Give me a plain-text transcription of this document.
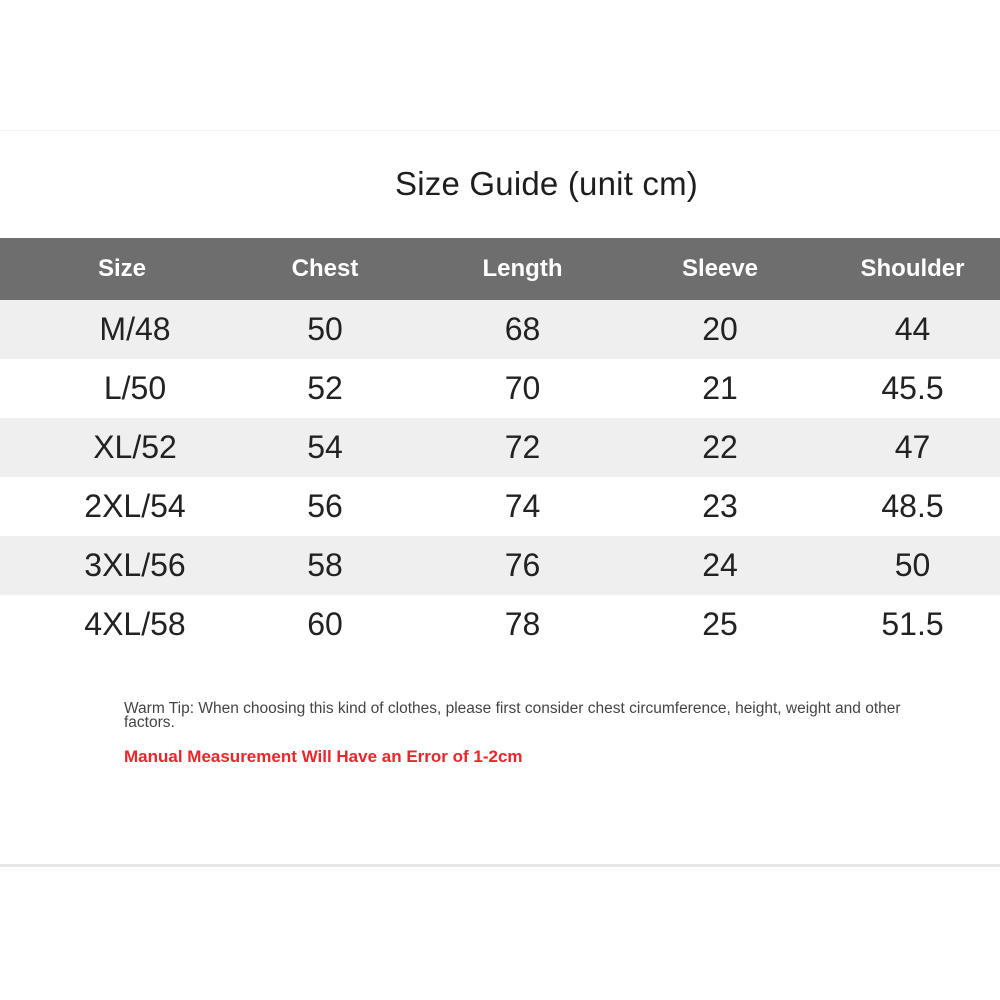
Size Guide (unit cm)
Size	Chest	Length	Sleeve	Shoulder
M/48	50	68	20	44
L/50	52	70	21	45.5
XL/52	54	72	22	47
2XL/54	56	74	23	48.5
3XL/56	58	76	24	50
4XL/58	60	78	25	51.5
Warm Tip: When choosing this kind of clothes, please first consider chest circumference, height, weight and other factors.
Manual Measurement Will Have an Error of 1-2cm
